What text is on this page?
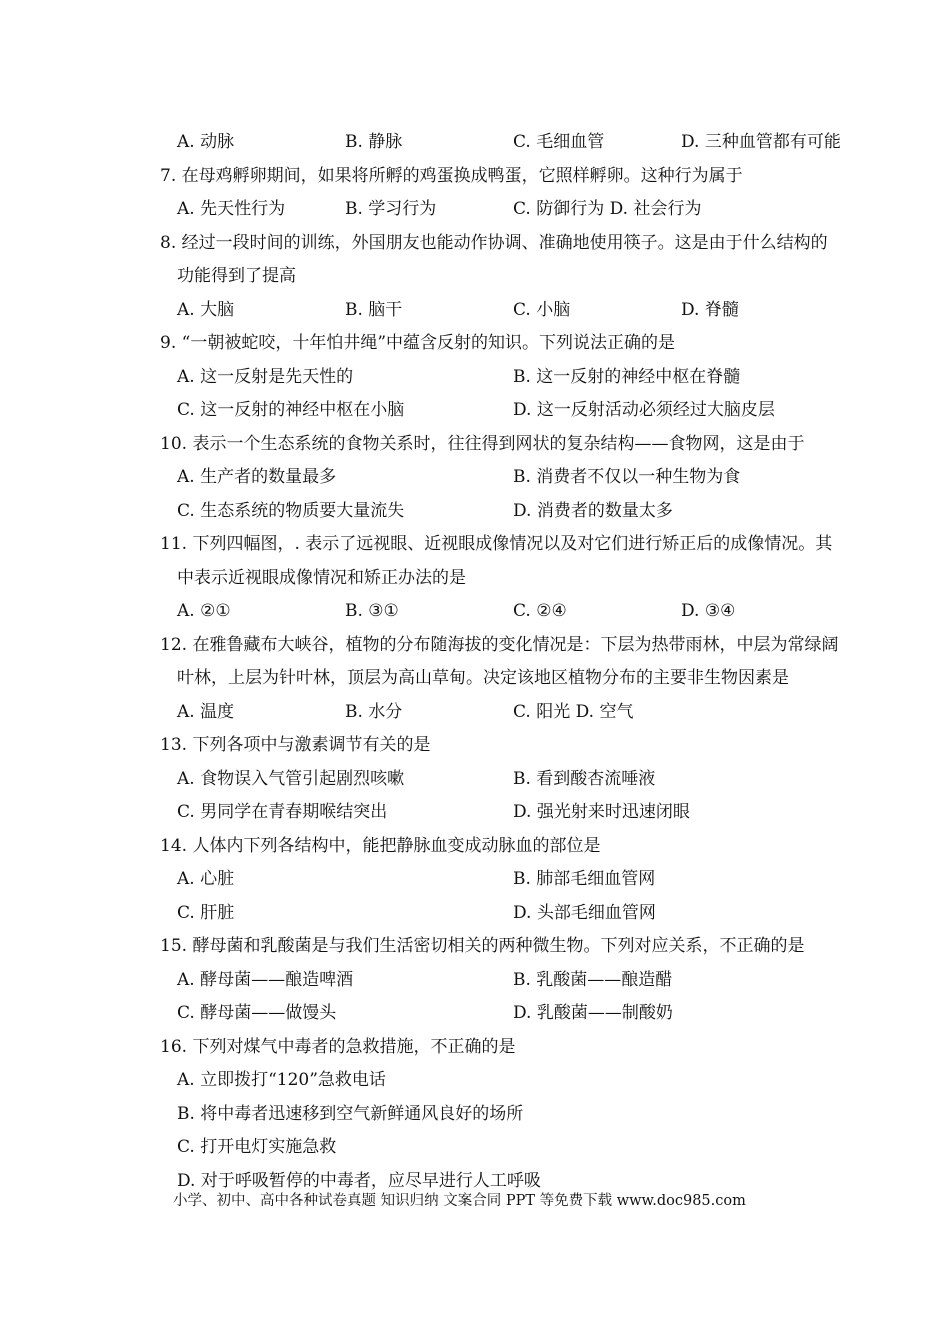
A. 动脉	B. 静脉	C. 毛细血管	D. 三种血管都有可能
7. 在母鸡孵卵期间，如果将所孵的鸡蛋换成鸭蛋，它照样孵卵。这种行为属于
A. 先天性行为	B. 学习行为	C. 防御行为 D. 社会行为
8. 经过一段时间的训练，外国朋友也能动作协调、准确地使用筷子。这是由于什么结构的
功能得到了提高
A. 大脑	B. 脑干	C. 小脑	D. 脊髓
9. “一朝被蛇咬，十年怕井绳”中蕴含反射的知识。下列说法正确的是
A. 这一反射是先天性的	B. 这一反射的神经中枢在脊髓
C. 这一反射的神经中枢在小脑	D. 这一反射活动必须经过大脑皮层
10. 表示一个生态系统的食物关系时，往往得到网状的复杂结构——食物网，这是由于
A. 生产者的数量最多	B. 消费者不仅以一种生物为食
C. 生态系统的物质要大量流失	D. 消费者的数量太多
11. 下列四幅图，. 表示了远视眼、近视眼成像情况以及对它们进行矫正后的成像情况。其
中表示近视眼成像情况和矫正办法的是
A. ②①	B. ③①	C. ②④	D. ③④
12. 在雅鲁藏布大峡谷，植物的分布随海拔的变化情况是：下层为热带雨林，中层为常绿阔
叶林，上层为针叶林，顶层为高山草甸。决定该地区植物分布的主要非生物因素是
A. 温度	B. 水分	C. 阳光 D. 空气
13. 下列各项中与激素调节有关的是
A. 食物误入气管引起剧烈咳嗽	B. 看到酸杏流唾液
C. 男同学在青春期喉结突出	D. 强光射来时迅速闭眼
14. 人体内下列各结构中，能把静脉血变成动脉血的部位是
A. 心脏	B. 肺部毛细血管网
C. 肝脏	D. 头部毛细血管网
15. 酵母菌和乳酸菌是与我们生活密切相关的两种微生物。下列对应关系，不正确的是
A. 酵母菌——酿造啤酒	B. 乳酸菌——酿造醋
C. 酵母菌——做馒头	D. 乳酸菌——制酸奶
16. 下列对煤气中毒者的急救措施，不正确的是
A. 立即拨打“120”急救电话
B. 将中毒者迅速移到空气新鲜通风良好的场所
C. 打开电灯实施急救
D. 对于呼吸暂停的中毒者，应尽早进行人工呼吸
小学、初中、高中各种试卷真题 知识归纳 文案合同 PPT 等免费下载 www.doc985.com
